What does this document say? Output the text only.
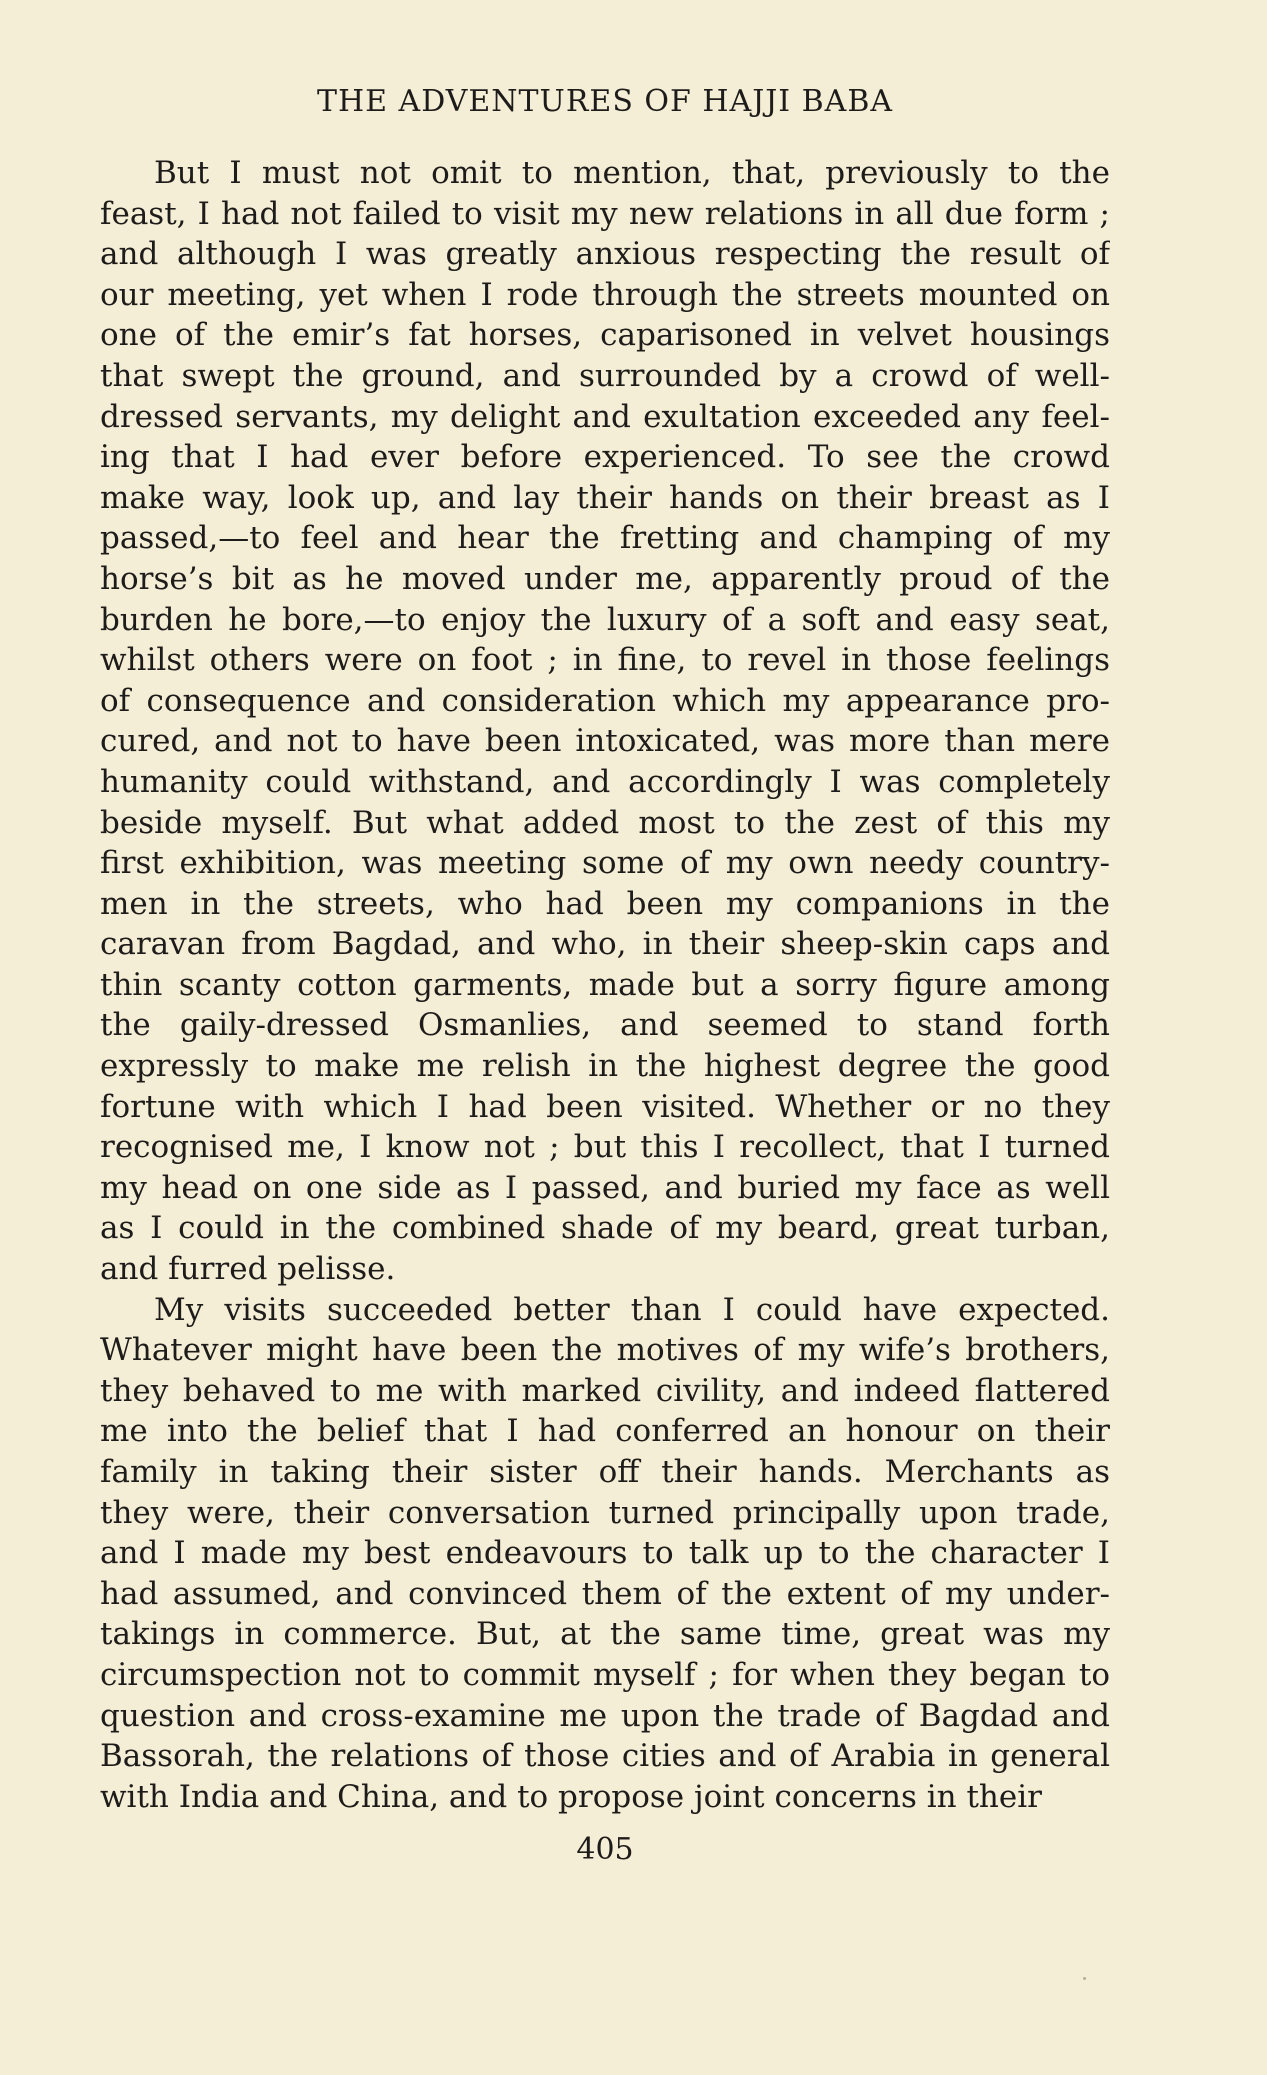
THE ADVENTURES OF HAJJI BABA
But I must not omit to mention, that, previously to the
feast, I had not failed to visit my new relations in all due form ;
and although I was greatly anxious respecting the result of
our meeting, yet when I rode through the streets mounted on
one of the emir’s fat horses, caparisoned in velvet housings
that swept the ground, and surrounded by a crowd of well-
dressed servants, my delight and exultation exceeded any feel-
ing that I had ever before experienced. To see the crowd
make way, look up, and lay their hands on their breast as I
passed,—to feel and hear the fretting and champing of my
horse’s bit as he moved under me, apparently proud of the
burden he bore,—to enjoy the luxury of a soft and easy seat,
whilst others were on foot ; in fine, to revel in those feelings
of consequence and consideration which my appearance pro-
cured, and not to have been intoxicated, was more than mere
humanity could withstand, and accordingly I was completely
beside myself. But what added most to the zest of this my
first exhibition, was meeting some of my own needy country-
men in the streets, who had been my companions in the
caravan from Bagdad, and who, in their sheep-skin caps and
thin scanty cotton garments, made but a sorry figure among
the gaily-dressed Osmanlies, and seemed to stand forth
expressly to make me relish in the highest degree the good
fortune with which I had been visited. Whether or no they
recognised me, I know not ; but this I recollect, that I turned
my head on one side as I passed, and buried my face as well
as I could in the combined shade of my beard, great turban,
and furred pelisse.
My visits succeeded better than I could have expected.
Whatever might have been the motives of my wife’s brothers,
they behaved to me with marked civility, and indeed flattered
me into the belief that I had conferred an honour on their
family in taking their sister off their hands. Merchants as
they were, their conversation turned principally upon trade,
and I made my best endeavours to talk up to the character I
had assumed, and convinced them of the extent of my under-
takings in commerce. But, at the same time, great was my
circumspection not to commit myself ; for when they began to
question and cross-examine me upon the trade of Bagdad and
Bassorah, the relations of those cities and of Arabia in general
with India and China, and to propose joint concerns in their
405
